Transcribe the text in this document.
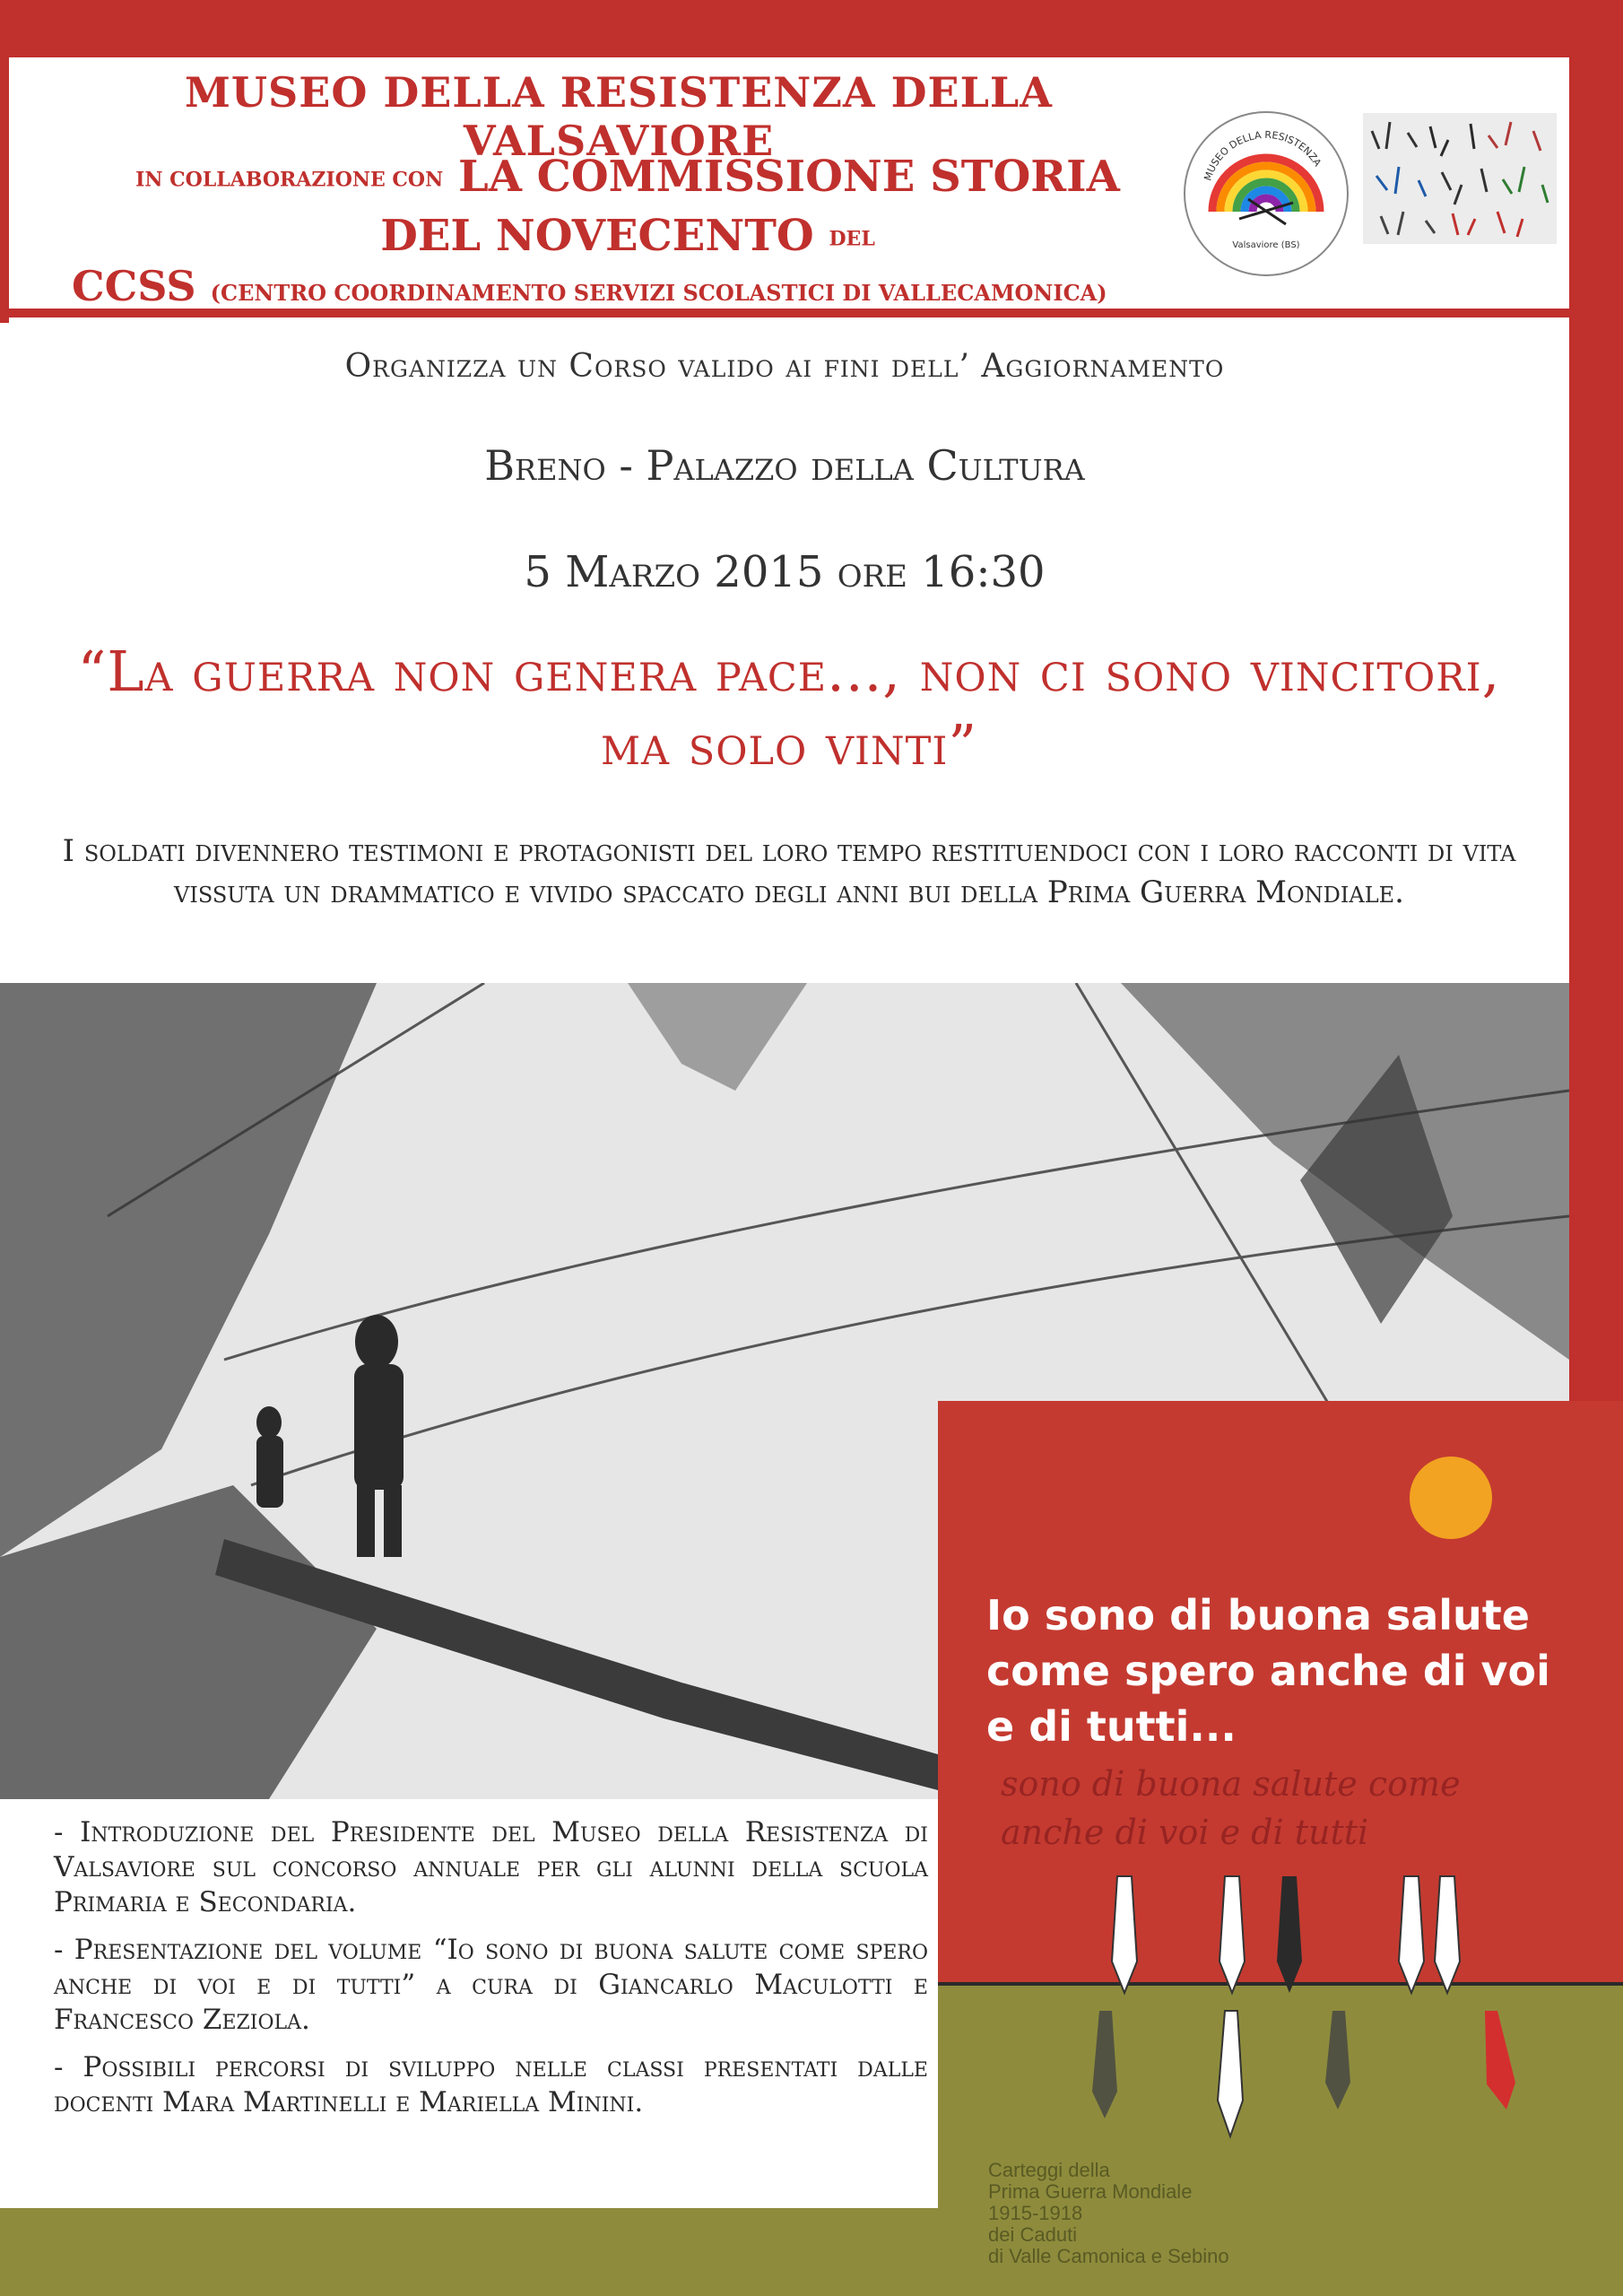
MUSEO DELLA RESISTENZA DELLA VALSAVIORE
IN COLLABORAZIONE CON LA COMMISSIONE STORIA DEL NOVECENTO DEL
CCSS (CENTRO COORDINAMENTO SERVIZI SCOLASTICI DI VALLECAMONICA)
MUSEO DELLA RESISTENZA
Valsaviore (BS)
Organizza un Corso valido ai fini dell’ Aggiornamento
Breno - Palazzo della Cultura
5 Marzo 2015 ore 16:30
“La guerra non genera pace..., non ci sono vincitori, ma solo vinti”
I soldati divennero testimoni e protagonisti del loro tempo restituendoci con i loro racconti di vita vissuta un drammatico e vivido spaccato degli anni bui della Prima Guerra Mondiale.

- Introduzione del Presidente del Museo della Resistenza di Valsaviore sul concorso annuale per gli alunni della scuola Primaria e Secondaria.

- Presentazione del volume “Io sono di buona salute come spero anche di voi e di tutti” a cura di Giancarlo Maculotti e Francesco Zeziola.

- Possibili percorsi di sviluppo nelle classi presentati dalle docenti Mara Martinelli e Mariella Minini.

Io sono di buona salute
come spero anche di voi
e di tutti...
sono di buona salute come
anche di voi e di tutti
Carteggi della
Prima Guerra Mondiale
1915-1918
dei Caduti
di Valle Camonica e Sebino
